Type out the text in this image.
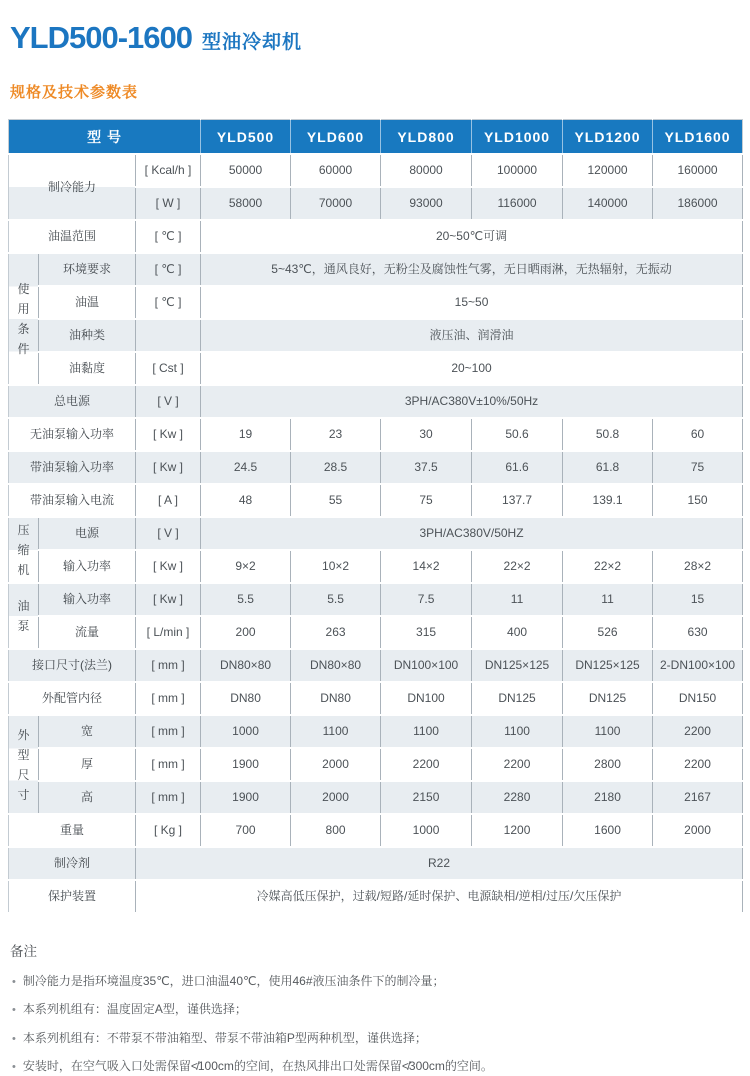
YLD500-1600 型油冷却机
规格及技术参数表
型 号			YLD500	YLD600	YLD800	YLD1000	YLD1200	YLD1600
制冷能力		[ Kcal/h ]	50000	60000	80000	100000	120000	160000
		[ W ]	58000	70000	93000	116000	140000	186000
油温范围		[ ℃ ]	20~50℃可调					

使
用
条
件	环境要求	[ ℃ ]	5~43℃，通风良好，无粉尘及腐蚀性气雾，无日晒雨淋，无热辐射，无振动					
	油温	[ ℃ ]	15~50					
	油种类		液压油、润滑油					
	油黏度	[ Cst ]	20~100					
总电源		[ V ]	3PH/AC380V±10%/50Hz					
无油泵输入功率		[ Kw ]	19	23	30	50.6	50.8	60
带油泵输入功率		[ Kw ]	24.5	28.5	37.5	61.6	61.8	75
带油泵输入电流		[ A ]	48	55	75	137.7	139.1	150

压
缩
机	电源	[ V ]	3PH/AC380V/50HZ					
	输入功率	[ Kw ]	9×2	10×2	14×2	22×2	22×2	28×2

油
泵	输入功率	[ Kw ]	5.5	5.5	7.5	11	11	15
	流量	[ L/min ]	200	263	315	400	526	630
接口尺寸(法兰)		[ mm ]	DN80×80	DN80×80	DN100×100	DN125×125	DN125×125	2-DN100×100
外配管内径		[ mm ]	DN80	DN80	DN100	DN125	DN125	DN150

外
型
尺
寸	宽	[ mm ]	1000	1100	1100	1100	1100	2200
	厚	[ mm ]	1900	2000	2200	2200	2800	2200
	高	[ mm ]	1900	2000	2150	2280	2180	2167
重量		[ Kg ]	700	800	1000	1200	1600	2000
制冷剂		R22						
保护装置		冷媒高低压保护，过载/短路/延时保护、电源缺相/逆相/过压/欠压保护						
备注
• 制冷能力是指环境温度35℃，进口油温40℃，使用46#液压油条件下的制冷量；
• 本系列机组有：温度固定A型，谨供选择；
• 本系列机组有：不带泵不带油箱型、带泵不带油箱P型两种机型，谨供选择；
• 安装时，在空气吸入口处需保留≮100cm的空间，在热风排出口处需保留≮300cm的空间。
